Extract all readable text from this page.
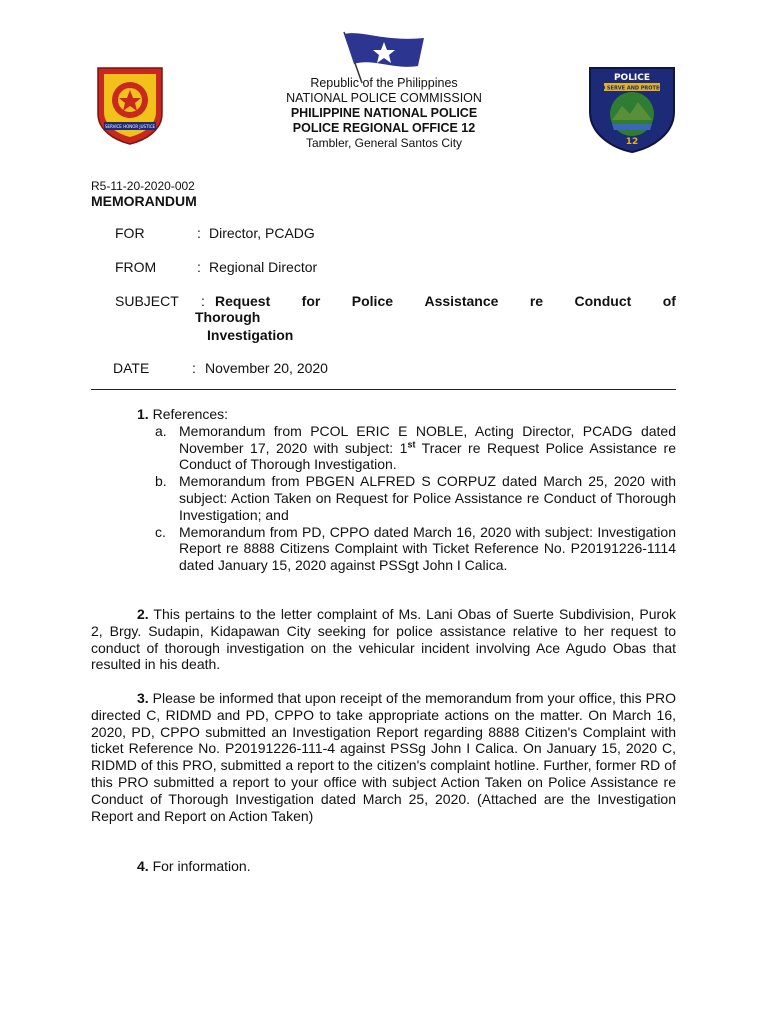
SERVICE HONOR JUSTICE
POLICE
TO SERVE AND PROTECT
12
Republic of the Philippines
NATIONAL POLICE COMMISSION
PHILIPPINE NATIONAL POLICE
POLICE REGIONAL OFFICE 12
Tambler, General Santos City
R5-11-20-2020-002
MEMORANDUM
FOR	: Director, PCADG
FROM	: Regional Director
SUBJECT : Request for Police Assistance re Conduct of
Thorough
Investigation
DATE	: November 20, 2020
1. References:
a. Memorandum from PCOL ERIC E NOBLE, Acting Director, PCADG dated November 17, 2020 with subject: 1st Tracer re Request Police Assistance re Conduct of Thorough Investigation.
b. Memorandum from PBGEN ALFRED S CORPUZ dated March 25, 2020 with subject: Action Taken on Request for Police Assistance re Conduct of Thorough Investigation; and
c. Memorandum from PD, CPPO dated March 16, 2020 with subject: Investigation Report re 8888 Citizens Complaint with Ticket Reference No. P20191226-1114 dated January 15, 2020 against PSSgt John I Calica.
2. This pertains to the letter complaint of Ms. Lani Obas of Suerte Subdivision, Purok 2, Brgy. Sudapin, Kidapawan City seeking for police assistance relative to her request to conduct of thorough investigation on the vehicular incident involving Ace Agudo Obas that resulted in his death.
3. Please be informed that upon receipt of the memorandum from your office, this PRO directed C, RIDMD and PD, CPPO to take appropriate actions on the matter. On March 16, 2020, PD, CPPO submitted an Investigation Report regarding 8888 Citizen's Complaint with ticket Reference No. P20191226-111-4 against PSSg John I Calica. On January 15, 2020 C, RIDMD of this PRO, submitted a report to the citizen's complaint hotline. Further, former RD of this PRO submitted a report to your office with subject Action Taken on Police Assistance re Conduct of Thorough Investigation dated March 25, 2020. (Attached are the Investigation Report and Report on Action Taken)
4. For information.
